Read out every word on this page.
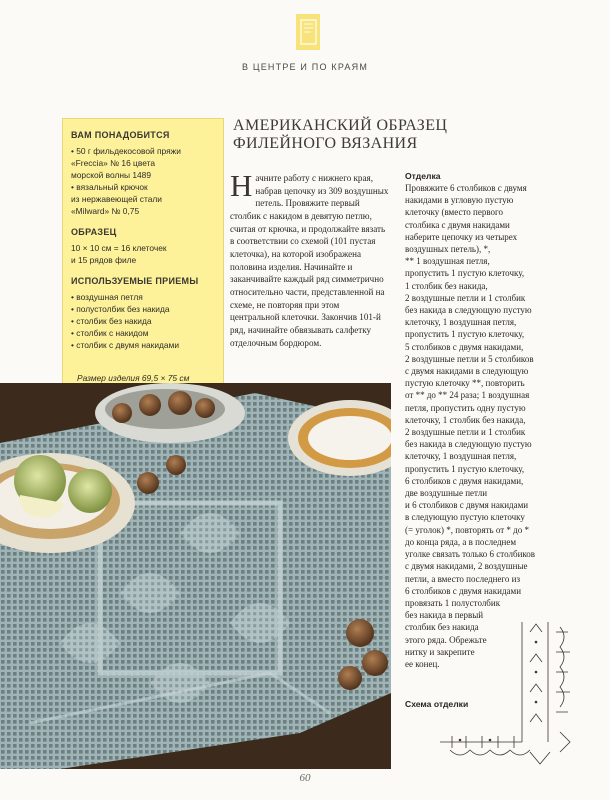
В ЦЕНТРЕ И ПО КРАЯМ
ВАМ ПОНАДОБИТСЯ
• 50 г фильдекосовой пряжи
«Freccia» № 16 цвета
морской волны 1489
• вязальный крючок
из нержавеющей стали
«Milward» № 0,75
ОБРАЗЕЦ
10 × 10 см = 16 клеточек
и 15 рядов филе
ИСПОЛЬЗУЕМЫЕ ПРИЕМЫ
• воздушная петля
• полустолбик без накида
• столбик без накида
• столбик с накидом
• столбик с двумя накидами
Размер изделия 69,5 × 75 см
АМЕРИКАНСКИЙ ОБРАЗЕЦ
ФИЛЕЙНОГО ВЯЗАНИЯ
Начните работу с нижнего края, набрав цепочку из 309 воздушных петель. Провяжите первый столбик с накидом в девятую петлю, считая от крючка, и продолжайте вязать в соответствии со схемой (101 пустая клеточка), на которой изображена половина изделия. Начинайте и заканчивайте каждый ряд симметрично относительно части, представленной на схеме, не повторяя при этом центральной клеточки. Закончив 101-й ряд, начинайте обвязывать салфетку отделочным бордюром.
Отделка
Провяжите 6 столбиков с двумя
накидами в угловую пустую
клеточку (вместо первого
столбика с двумя накидами
наберите цепочку из четырех
воздушных петель), *,
** 1 воздушная петля,
пропустить 1 пустую клеточку,
1 столбик без накида,
2 воздушные петли и 1 столбик
без накида в следующую пустую
клеточку, 1 воздушная петля,
пропустить 1 пустую клеточку,
5 столбиков с двумя накидами,
2 воздушные петли и 5 столбиков
с двумя накидами в следующую
пустую клеточку **, повторить
от ** до ** 24 раза; 1 воздушная
петля, пропустить одну пустую
клеточку, 1 столбик без накида,
2 воздушные петли и 1 столбик
без накида в следующую пустую
клеточку, 1 воздушная петля,
пропустить 1 пустую клеточку,
6 столбиков с двумя накидами,
две воздушные петли
и 6 столбиков с двумя накидами
в следующую пустую клеточку
(= уголок) *, повторять от * до *
до конца ряда, а в последнем
уголке связать только 6 столбиков
с двумя накидами, 2 воздушные
петли, а вместо последнего из
6 столбиков с двумя накидами
провязать 1 полустолбик
без накида в первый
столбик без накида
этого ряда. Обрежьте
нитку и закрепите
ее конец.
Схема отделки
60
